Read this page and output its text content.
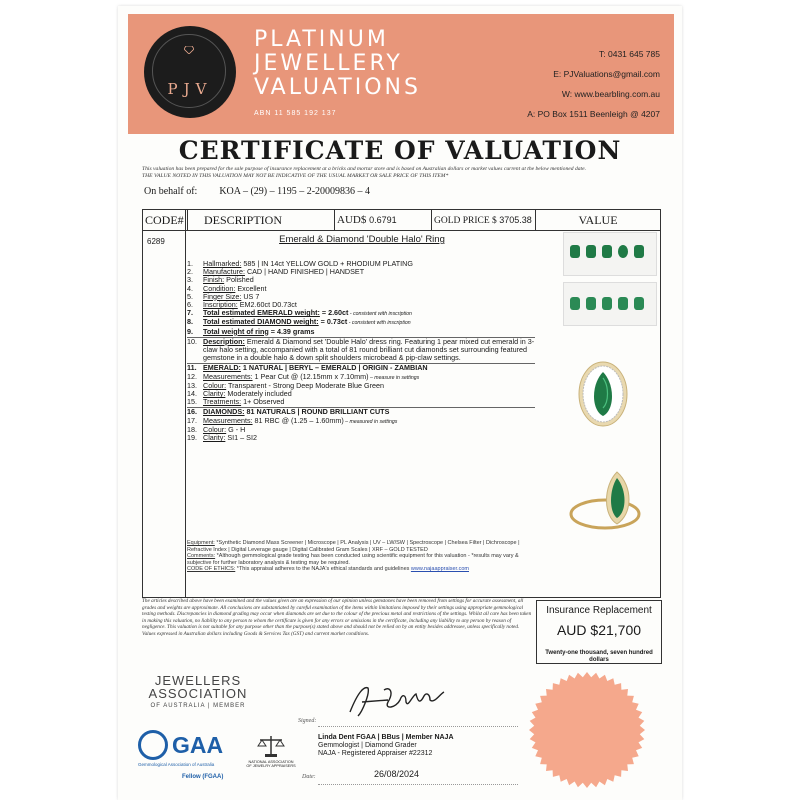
PJV
PLATINUM
JEWELLERY
VALUATIONS
ABN 11 585 192 137
T: 0431 645 785
E: PJValuations@gmail.com
W: www.bearbling.com.au
A: PO Box 1511 Beenleigh @ 4207
CERTIFICATE OF VALUATION
This valuation has been prepared for the sale purpose of insurance replacement at a bricks and mortar store and is based on Australian dollars or market values current at the below mentioned date.
THE VALUE NOTED IN THIS VALUATION MAY NOT BE INDICATIVE OF THE USUAL MARKET OR SALE PRICE OF THIS ITEM*
On behalf of: KOA – (29) – 1195 – 2-20009836 – 4
CODE#	DESCRIPTION	AUD$ 0.6791	GOLD PRICE $ 3705.38	VALUE
6289	Emerald & Diamond 'Double Halo' Ring
1.	Hallmarked: 585 | IN 14ct YELLOW GOLD + RHODIUM PLATING
2.	Manufacture: CAD | HAND FINISHED | HANDSET
3.	Finish: Polished
4.	Condition: Excellent
5.	Finger Size: US 7
6.	Inscription: EM2.60ct D0.73ct
7.	Total estimated EMERALD weight: = 2.60ct - consistent with inscription
8.	Total estimated DIAMOND weight: = 0.73ct - consistent with inscription
9.	Total weight of ring = 4.39 grams
10. Description: Emerald & Diamond set 'Double Halo' dress ring. Featuring 1 pear mixed cut emerald in 3-claw halo setting, accompanied with a total of 81 round brilliant cut diamonds set surrounding featured gemstone in a double halo & down split shoulders microbead & pip-claw settings.
11. EMERALD: 1 NATURAL | BERYL – EMERALD | ORIGIN - ZAMBIAN
12. Measurements: 1 Pear Cut @ (12.15mm x 7.10mm) – measure in settings
13. Colour: Transparent - Strong Deep Moderate Blue Green
14. Clarity: Moderately included
15. Treatments: 1+ Observed
16. DIAMONDS: 81 NATURALS | ROUND BRILLIANT CUTS
17. Measurements: 81 RBC @ (1.25 – 1.60mm) – measured in settings
18. Colour: G - H
19. Clarity: SI1 – SI2
Equipment: *Synthetic Diamond Mass Screener | Microscope | PL Analysis | UV – LW/SW | Spectroscope | Chelsea Filter | Dichroscope | Refractive Index | Digital Leverage gauge | Digital Calibrated Gram Scales | XRF – GOLD TESTED
Comments: *Although gemmological grade testing has been conducted using scientific equipment for this valuation - *results may vary & subjective for further laboratory analysis & testing may be required.
CODE OF ETHICS: *This appraisal adheres to the NAJA's ethical standards and guidelines www.najaappraiser.com
The articles described above have been examined and the values given are an expression of our opinion unless gemstones have been removed from settings for accurate assessment, all grades and weights are approximate. All conclusions are substantiated by careful examination of the items within limitations imposed by their settings using appropriate gemmological testing methods. Discrepancies in diamond grading may occur when diamonds are set due to the colour of the precious metal and restrictions of the settings. Whilst all care has been taken in making this valuation, no liability to any person to whom the certificate is given for any errors or omissions in the certificate, including any liability to any person by reason of negligence. This valuation is not suitable for any purpose other than the purpose(s) stated above and should not be relied on by an entity besides addressee, unless specifically noted. Values expressed in Australian dollars including Goods & Services Tax (GST) and current market conditions.
Insurance Replacement
AUD $21,700
Twenty-one thousand, seven hundred dollars
JEWELLERS
ASSOCIATION
OF AUSTRALIA | MEMBER
GAA
Gemmological Association of Australia
Fellow (FGAA)
NATIONAL ASSOCIATION OF JEWELRY APPRAISERS
Signed:
Linda Dent FGAA | BBus | Member NAJA
Gemmologist | Diamond Grader
NAJA - Registered Appraiser #22312
Date:	26/08/2024
